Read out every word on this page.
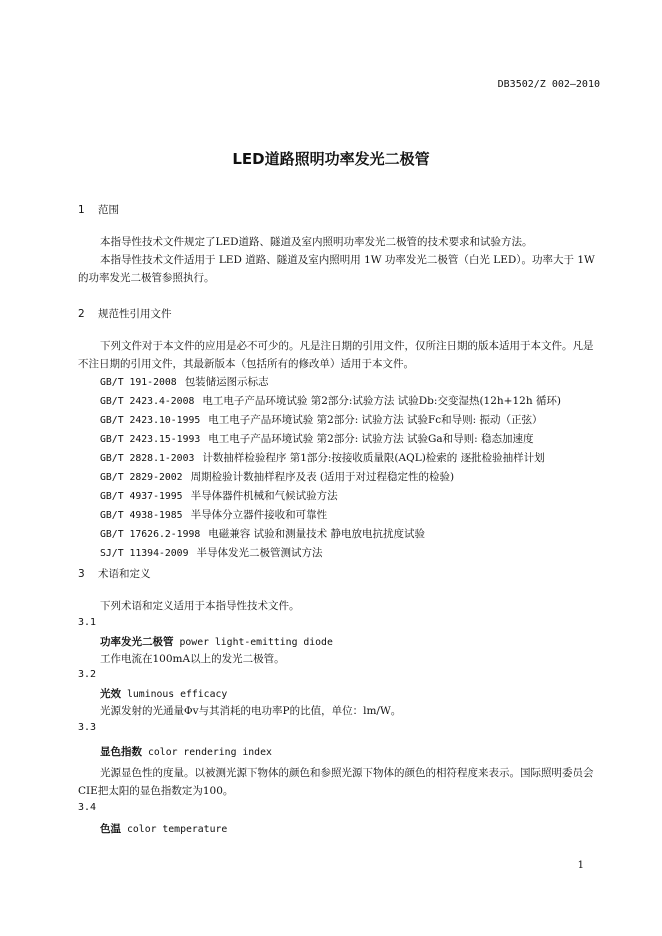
DB3502/Z 002—2010
LED道路照明功率发光二极管
1 范围
本指导性技术文件规定了LED道路、隧道及室内照明功率发光二极管的技术要求和试验方法。
本指导性技术文件适用于 LED 道路、隧道及室内照明用 1W 功率发光二极管（白光 LED）。功率大于 1W 的功率发光二极管参照执行。
2 规范性引用文件
下列文件对于本文件的应用是必不可少的。凡是注日期的引用文件，仅所注日期的版本适用于本文件。凡是不注日期的引用文件，其最新版本（包括所有的修改单）适用于本文件。
GB/T 191-2008 包装储运图示标志
GB/T 2423.4-2008 电工电子产品环境试验 第2部分:试验方法 试验Db:交变湿热(12h+12h 循环)
GB/T 2423.10-1995 电工电子产品环境试验 第2部分: 试验方法 试验Fc和导则: 振动（正弦）
GB/T 2423.15-1993 电工电子产品环境试验 第2部分: 试验方法 试验Ga和导则: 稳态加速度
GB/T 2828.1-2003 计数抽样检验程序 第1部分:按接收质量限(AQL)检索的 逐批检验抽样计划
GB/T 2829-2002 周期检验计数抽样程序及表 (适用于对过程稳定性的检验)
GB/T 4937-1995 半导体器件机械和气候试验方法
GB/T 4938-1985 半导体分立器件接收和可靠性
GB/T 17626.2-1998 电磁兼容 试验和测量技术 静电放电抗扰度试验
SJ/T 11394-2009 半导体发光二极管测试方法
3 术语和定义
下列术语和定义适用于本指导性技术文件。
3.1
功率发光二极管 power light-emitting diode
工作电流在100mA以上的发光二极管。
3.2
光效 luminous efficacy
光源发射的光通量Φv与其消耗的电功率P的比值，单位：lm/W。
3.3
显色指数 color rendering index
光源显色性的度量。以被测光源下物体的颜色和参照光源下物体的颜色的相符程度来表示。国际照明委员会CIE把太阳的显色指数定为100。
3.4
色温 color temperature
1
